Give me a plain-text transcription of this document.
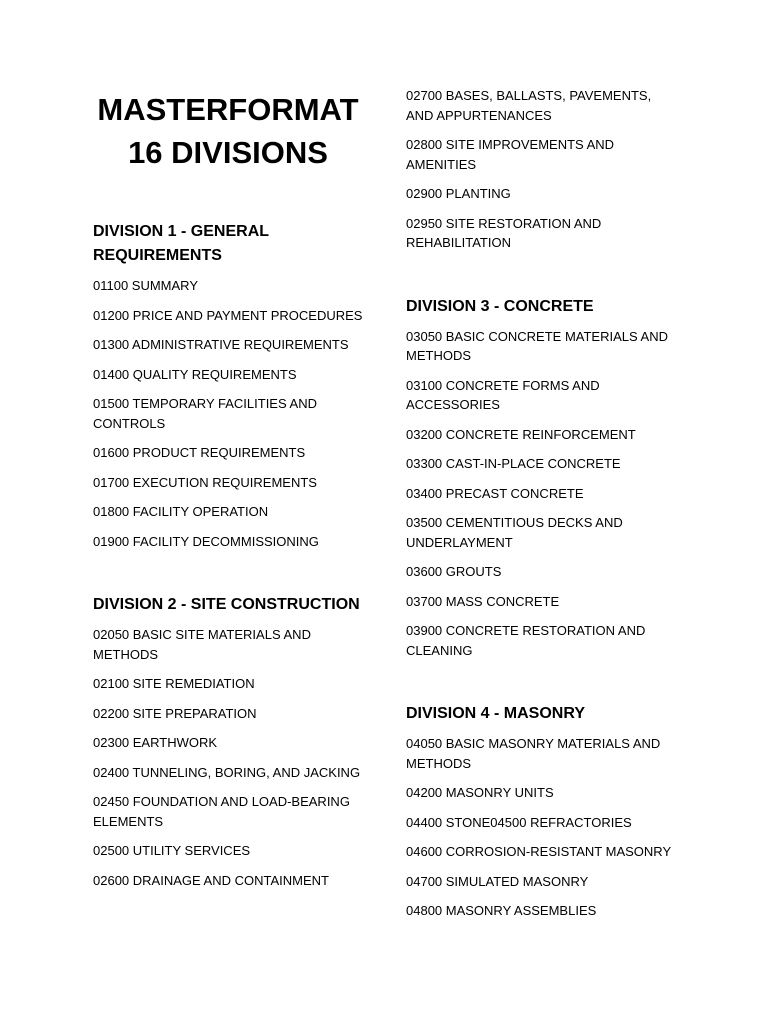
MASTERFORMAT
16 DIVISIONS
DIVISION 1 - GENERAL REQUIREMENTS

01100 SUMMARY

01200 PRICE AND PAYMENT PROCEDURES

01300 ADMINISTRATIVE REQUIREMENTS

01400 QUALITY REQUIREMENTS

01500 TEMPORARY FACILITIES AND CONTROLS

01600 PRODUCT REQUIREMENTS

01700 EXECUTION REQUIREMENTS

01800 FACILITY OPERATION

01900 FACILITY DECOMMISSIONING

DIVISION 2 - SITE CONSTRUCTION

02050 BASIC SITE MATERIALS AND METHODS

02100 SITE REMEDIATION

02200 SITE PREPARATION

02300 EARTHWORK

02400 TUNNELING, BORING, AND JACKING

02450 FOUNDATION AND LOAD-BEARING ELEMENTS

02500 UTILITY SERVICES

02600 DRAINAGE AND CONTAINMENT

02700 BASES, BALLASTS, PAVEMENTS, AND APPURTENANCES

02800 SITE IMPROVEMENTS AND AMENITIES

02900 PLANTING

02950 SITE RESTORATION AND REHABILITATION

DIVISION 3 - CONCRETE

03050 BASIC CONCRETE MATERIALS AND METHODS

03100 CONCRETE FORMS AND ACCESSORIES

03200 CONCRETE REINFORCEMENT

03300 CAST-IN-PLACE CONCRETE

03400 PRECAST CONCRETE

03500 CEMENTITIOUS DECKS AND UNDERLAYMENT

03600 GROUTS

03700 MASS CONCRETE

03900 CONCRETE RESTORATION AND CLEANING

DIVISION 4 - MASONRY

04050 BASIC MASONRY MATERIALS AND METHODS

04200 MASONRY UNITS

04400 STONE04500 REFRACTORIES

04600 CORROSION-RESISTANT MASONRY

04700 SIMULATED MASONRY

04800 MASONRY ASSEMBLIES
